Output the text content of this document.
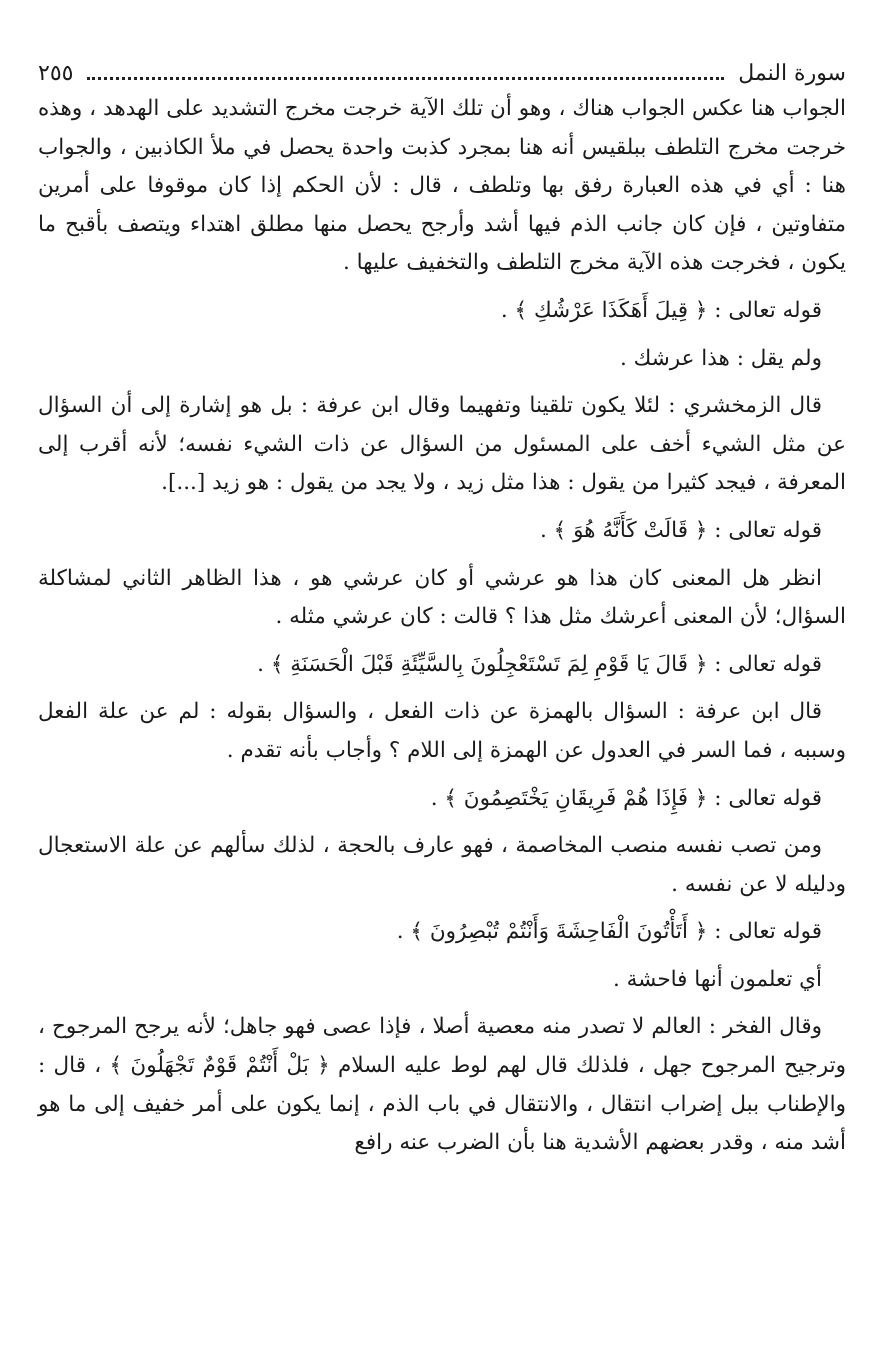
سورة النمل
٢٥٥

الجواب هنا عكس الجواب هناك ، وهو أن تلك الآية خرجت مخرج التشديد على الهدهد ، وهذه خرجت مخرج التلطف ببلقيس أنه هنا بمجرد كذبت واحدة يحصل في ملأ الكاذبين ، والجواب هنا : أي في هذه العبارة رفق بها وتلطف ، قال : لأن الحكم إذا كان موقوفا على أمرين متفاوتين ، فإن كان جانب الذم فيها أشد وأرجح يحصل منها مطلق اهتداء ويتصف بأقبح ما يكون ، فخرجت هذه الآية مخرج التلطف والتخفيف عليها .

قوله تعالى : ﴿ قِيلَ أَهَكَذَا عَرْشُكِ ﴾ .

ولم يقل : هذا عرشك .

قال الزمخشري : لئلا يكون تلقينا وتفهيما وقال ابن عرفة : بل هو إشارة إلى أن السؤال عن مثل الشيء أخف على المسئول من السؤال عن ذات الشيء نفسه؛ لأنه أقرب إلى المعرفة ، فيجد كثيرا من يقول : هذا مثل زيد ، ولا يجد من يقول : هو زيد [...].

قوله تعالى : ﴿ قَالَتْ كَأَنَّهُ هُوَ ﴾ .

انظر هل المعنى كان هذا هو عرشي أو كان عرشي هو ، هذا الظاهر الثاني لمشاكلة السؤال؛ لأن المعنى أعرشك مثل هذا ؟ قالت : كان عرشي مثله .

قوله تعالى : ﴿ قَالَ يَا قَوْمِ لِمَ تَسْتَعْجِلُونَ بِالسَّيِّئَةِ قَبْلَ الْحَسَنَةِ ﴾ .

قال ابن عرفة : السؤال بالهمزة عن ذات الفعل ، والسؤال بقوله : لم عن علة الفعل وسببه ، فما السر في العدول عن الهمزة إلى اللام ؟ وأجاب بأنه تقدم .

قوله تعالى : ﴿ فَإِذَا هُمْ فَرِيقَانِ يَخْتَصِمُونَ ﴾ .

ومن تصب نفسه منصب المخاصمة ، فهو عارف بالحجة ، لذلك سألهم عن علة الاستعجال ودليله لا عن نفسه .

قوله تعالى : ﴿ أَتَأْتُونَ الْفَاحِشَةَ وَأَنْتُمْ تُبْصِرُونَ ﴾ .

أي تعلمون أنها فاحشة .

وقال الفخر : العالم لا تصدر منه معصية أصلا ، فإذا عصى فهو جاهل؛ لأنه يرجح المرجوح ، وترجيح المرجوح جهل ، فلذلك قال لهم لوط عليه السلام ﴿ بَلْ أَنْتُمْ قَوْمٌ تَجْهَلُونَ ﴾ ، قال : والإطناب ببل إضراب انتقال ، والانتقال في باب الذم ، إنما يكون على أمر خفيف إلى ما هو أشد منه ، وقدر بعضهم الأشدية هنا بأن الضرب عنه رافع
